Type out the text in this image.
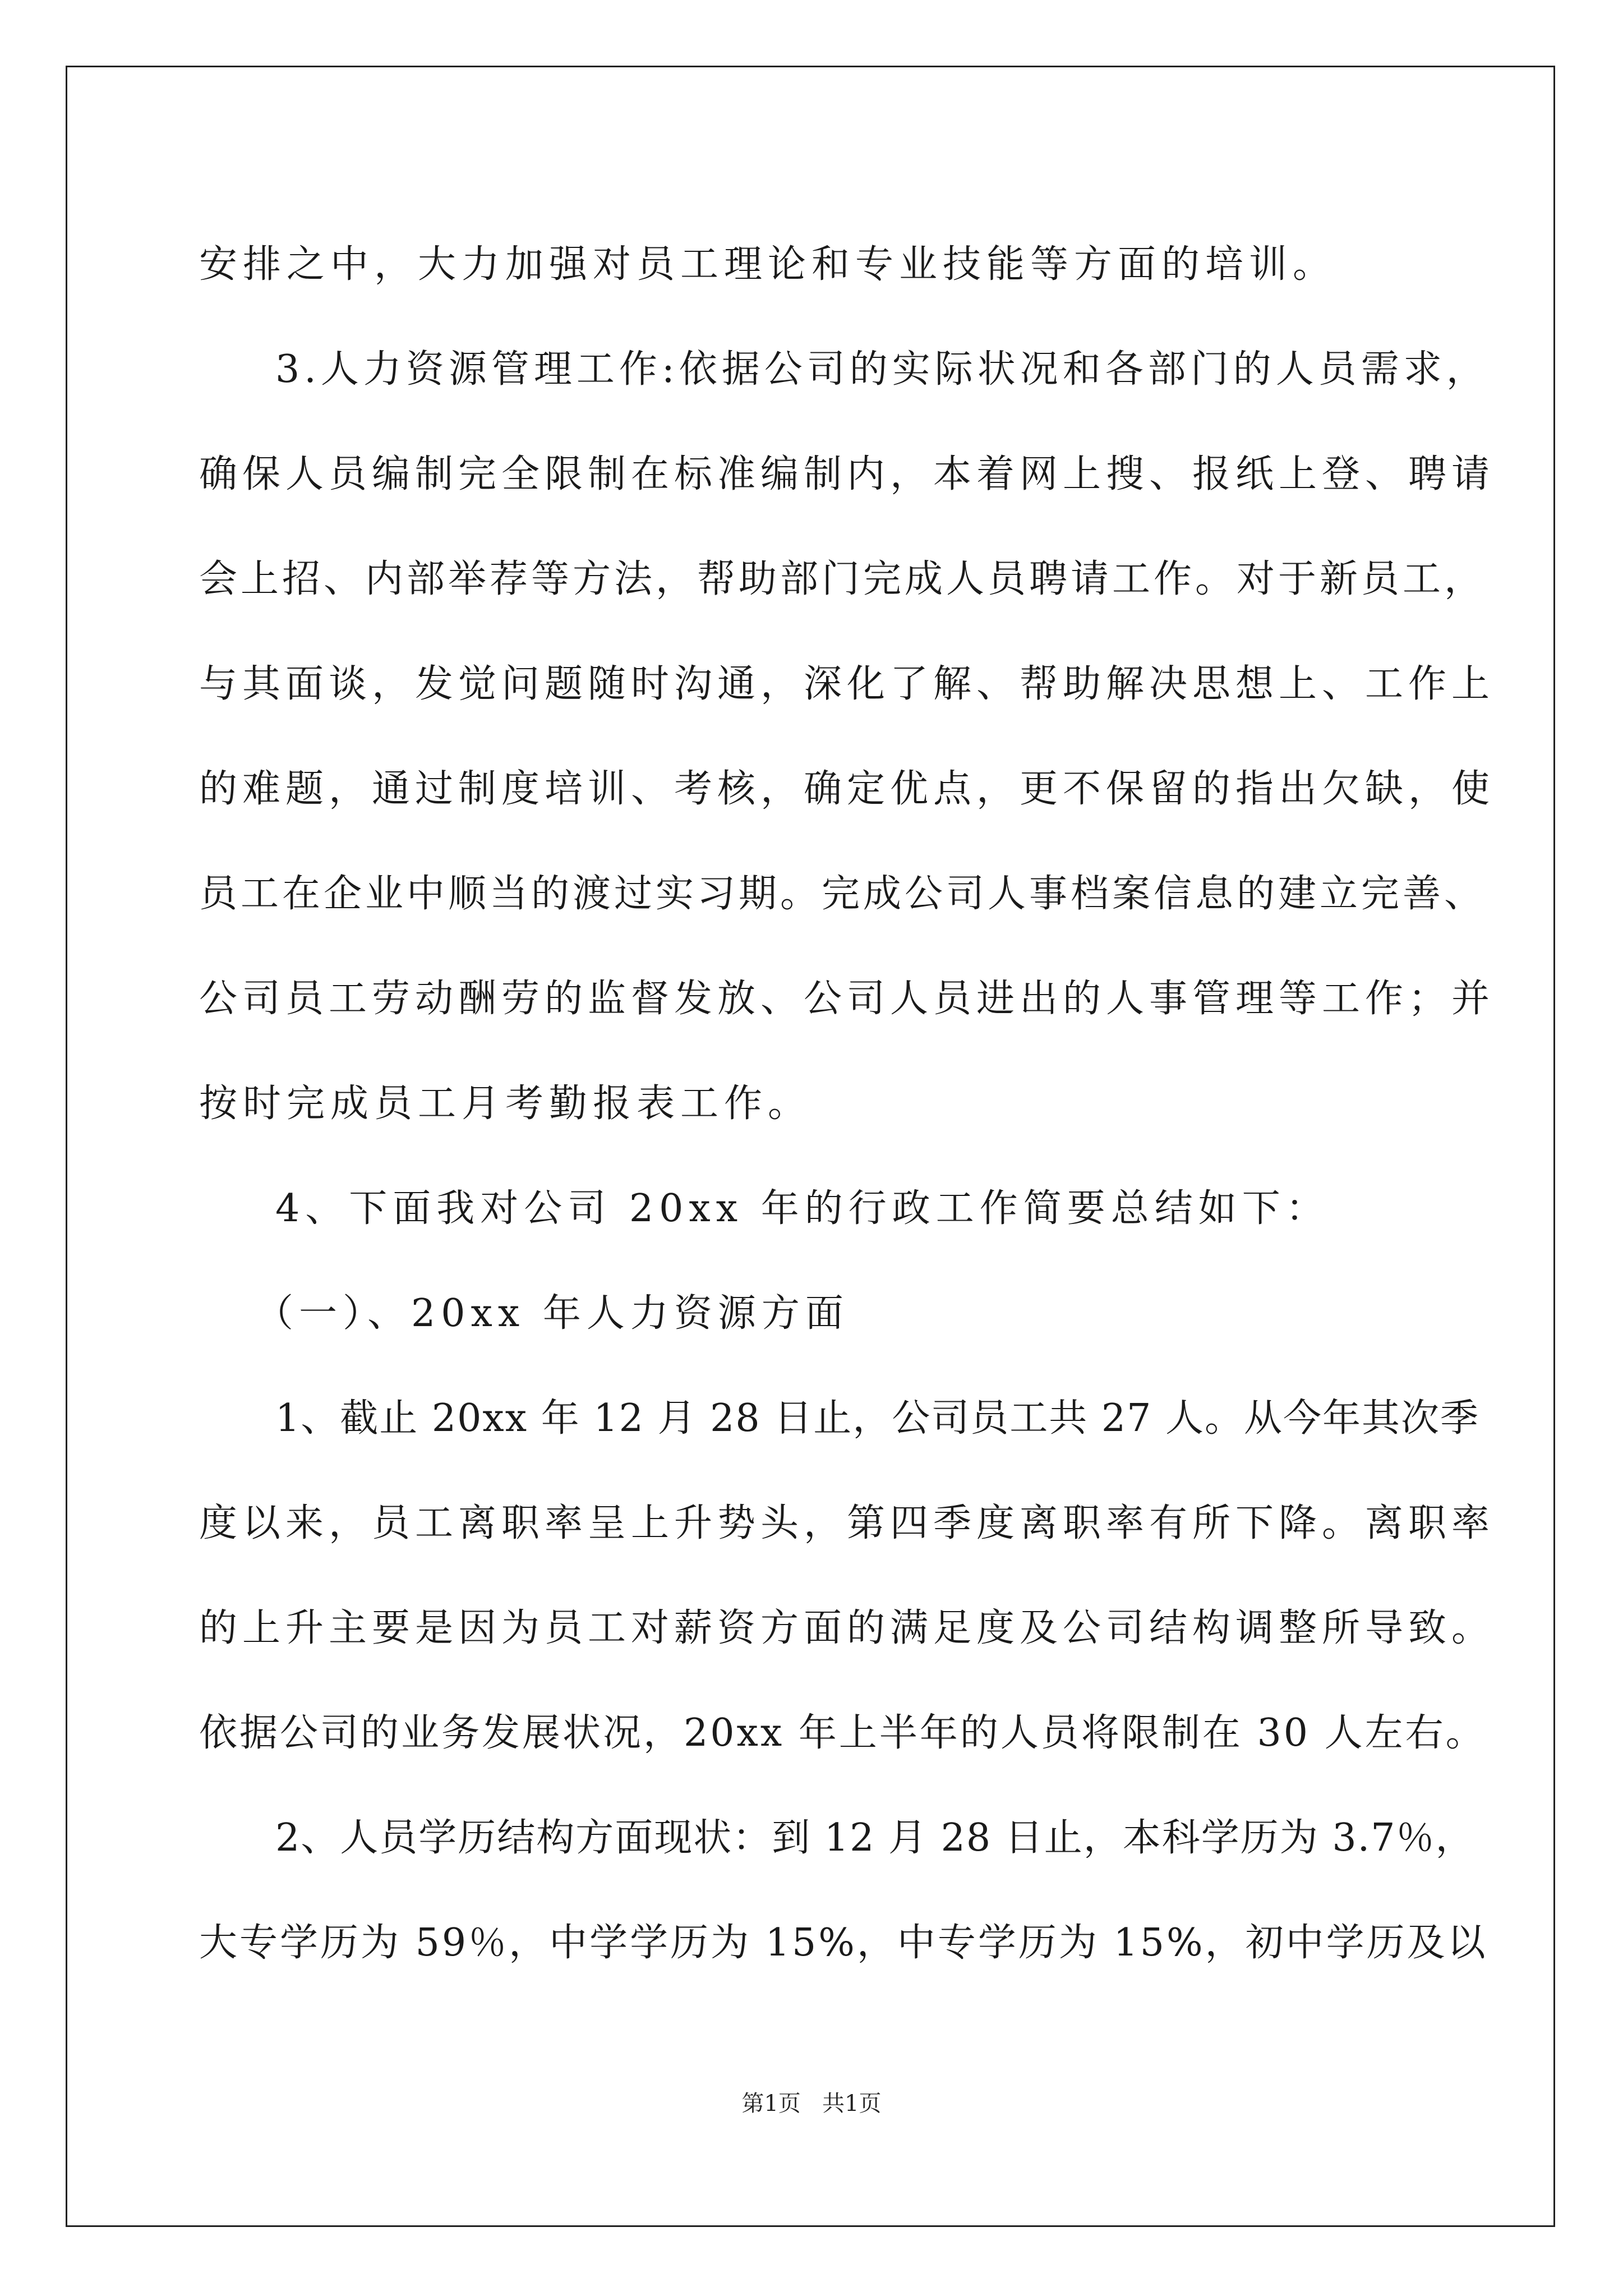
安排之中，大力加强对员工理论和专业技能等方面的培训。
3.人力资源管理工作:依据公司的实际状况和各部门的人员需求，
确保人员编制完全限制在标准编制内，本着网上搜、报纸上登、聘请
会上招、内部举荐等方法，帮助部门完成人员聘请工作。对于新员工，
与其面谈，发觉问题随时沟通，深化了解、帮助解决思想上、工作上
的难题，通过制度培训、考核，确定优点，更不保留的指出欠缺，使
员工在企业中顺当的渡过实习期。完成公司人事档案信息的建立完善、
公司员工劳动酬劳的监督发放、公司人员进出的人事管理等工作；并
按时完成员工月考勤报表工作。
4、下面我对公司 20xx 年的行政工作简要总结如下：
（一）、20xx 年人力资源方面
1、截止 20xx 年 12 月 28 日止，公司员工共 27 人。从今年其次季
度以来，员工离职率呈上升势头，第四季度离职率有所下降。离职率
的上升主要是因为员工对薪资方面的满足度及公司结构调整所导致。
依据公司的业务发展状况，20xx 年上半年的人员将限制在 30 人左右。
2、人员学历结构方面现状：到 12 月 28 日止，本科学历为 3.7％，
大专学历为 59％，中学学历为 15%，中专学历为 15%，初中学历及以
第1页   共1页
